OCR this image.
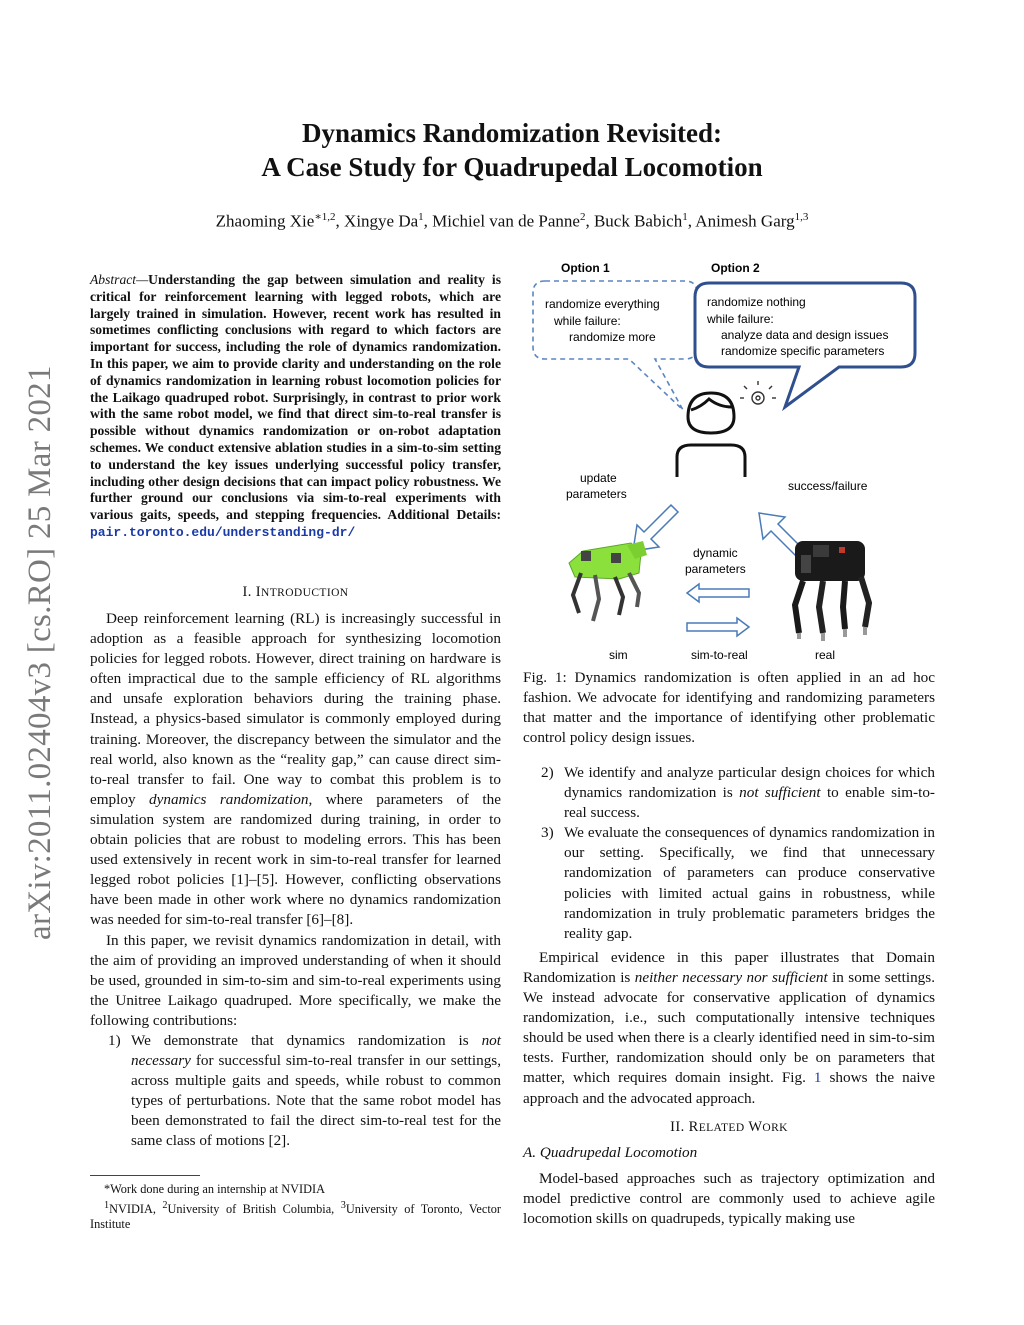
arXiv:2011.02404v3 [cs.RO] 25 Mar 2021
Dynamics Randomization Revisited:
A Case Study for Quadrupedal Locomotion
Zhaoming Xie$^{∗1,2}$, Xingye Da$^1$, Michiel van de Panne$^2$, Buck Babich$^1$, Animesh Garg$^{1,3}$
Abstract—Understanding the gap between simulation and reality is critical for reinforcement learning with legged robots, which are largely trained in simulation. However, recent work has resulted in sometimes conflicting conclusions with regard to which factors are important for success, including the role of dynamics randomization. In this paper, we aim to provide clarity and understanding on the role of dynamics randomization in learning robust locomotion policies for the Laikago quadruped robot. Surprisingly, in contrast to prior work with the same robot model, we find that direct sim-to-real transfer is possible without dynamics randomization or on-robot adaptation schemes. We conduct extensive ablation studies in a sim-to-sim setting to understand the key issues underlying successful policy transfer, including other design decisions that can impact policy robustness. We further ground our conclusions via sim-to-real experiments with various gaits, speeds, and stepping frequencies. Additional Details: pair.toronto.edu/understanding-dr/
I. INTRODUCTION

Deep reinforcement learning (RL) is increasingly successful in adoption as a feasible approach for synthesizing locomotion policies for legged robots. However, direct training on hardware is often impractical due to the sample efficiency of RL algorithms and unsafe exploration behaviors during the training phase. Instead, a physics-based simulator is commonly employed during training. Moreover, the discrepancy between the simulator and the real world, also known as the “reality gap,” can cause direct sim-to-real transfer to fail. One way to combat this problem is to employ dynamics randomization, where parameters of the simulation system are randomized during training, in order to obtain policies that are robust to modeling errors. This has been used extensively in recent work in sim-to-real transfer for learned legged robot policies [1]–[5]. However, conflicting observations have been made in other work where no dynamics randomization was needed for sim-to-real transfer [6]–[8].

In this paper, we revisit dynamics randomization in detail, with the aim of providing an improved understanding of when it should be used, grounded in sim-to-sim and sim-to-real experiments using the Unitree Laikago quadruped. More specifically, we make the following contributions:

1) We demonstrate that dynamics randomization is not necessary for successful sim-to-real transfer in our settings, across multiple gaits and speeds, while robust to common types of perturbations. Note that the same robot model has been demonstrated to fail the direct sim-to-real test for the same class of motions [2].
*Work done during an internship at NVIDIA
$^1$NVIDIA, $^2$University of British Columbia, $^3$University of Toronto, Vector Institute
Option 1	Option 2
randomize everything
while failure:
randomize more
randomize nothing
while failure:
analyze data and design issues
randomize specific parameters
update
parameters
success/failure
dynamic
parameters
sim	sim-to-real	real
Fig. 1: Dynamics randomization is often applied in an ad hoc fashion. We advocate for identifying and randomizing parameters that matter and the importance of identifying other problematic control policy design issues.
2) We identify and analyze particular design choices for which dynamics randomization is not sufficient to enable sim-to-real success.
3) We evaluate the consequences of dynamics randomization in our setting. Specifically, we find that unnecessary randomization of parameters can produce conservative policies with limited actual gains in robustness, while randomization in truly problematic parameters bridges the reality gap.

Empirical evidence in this paper illustrates that Domain Randomization is neither necessary nor sufficient in some settings. We instead advocate for conservative application of dynamics randomization, i.e., such computationally intensive techniques should be used when there is a clearly identified need in sim-to-sim tests. Further, randomization should only be on parameters that matter, which requires domain insight. Fig. 1 shows the naive approach and the advocated approach.

II. RELATED WORK
A. Quadrupedal Locomotion

Model-based approaches such as trajectory optimization and model predictive control are commonly used to achieve agile locomotion skills on quadrupeds, typically making use
